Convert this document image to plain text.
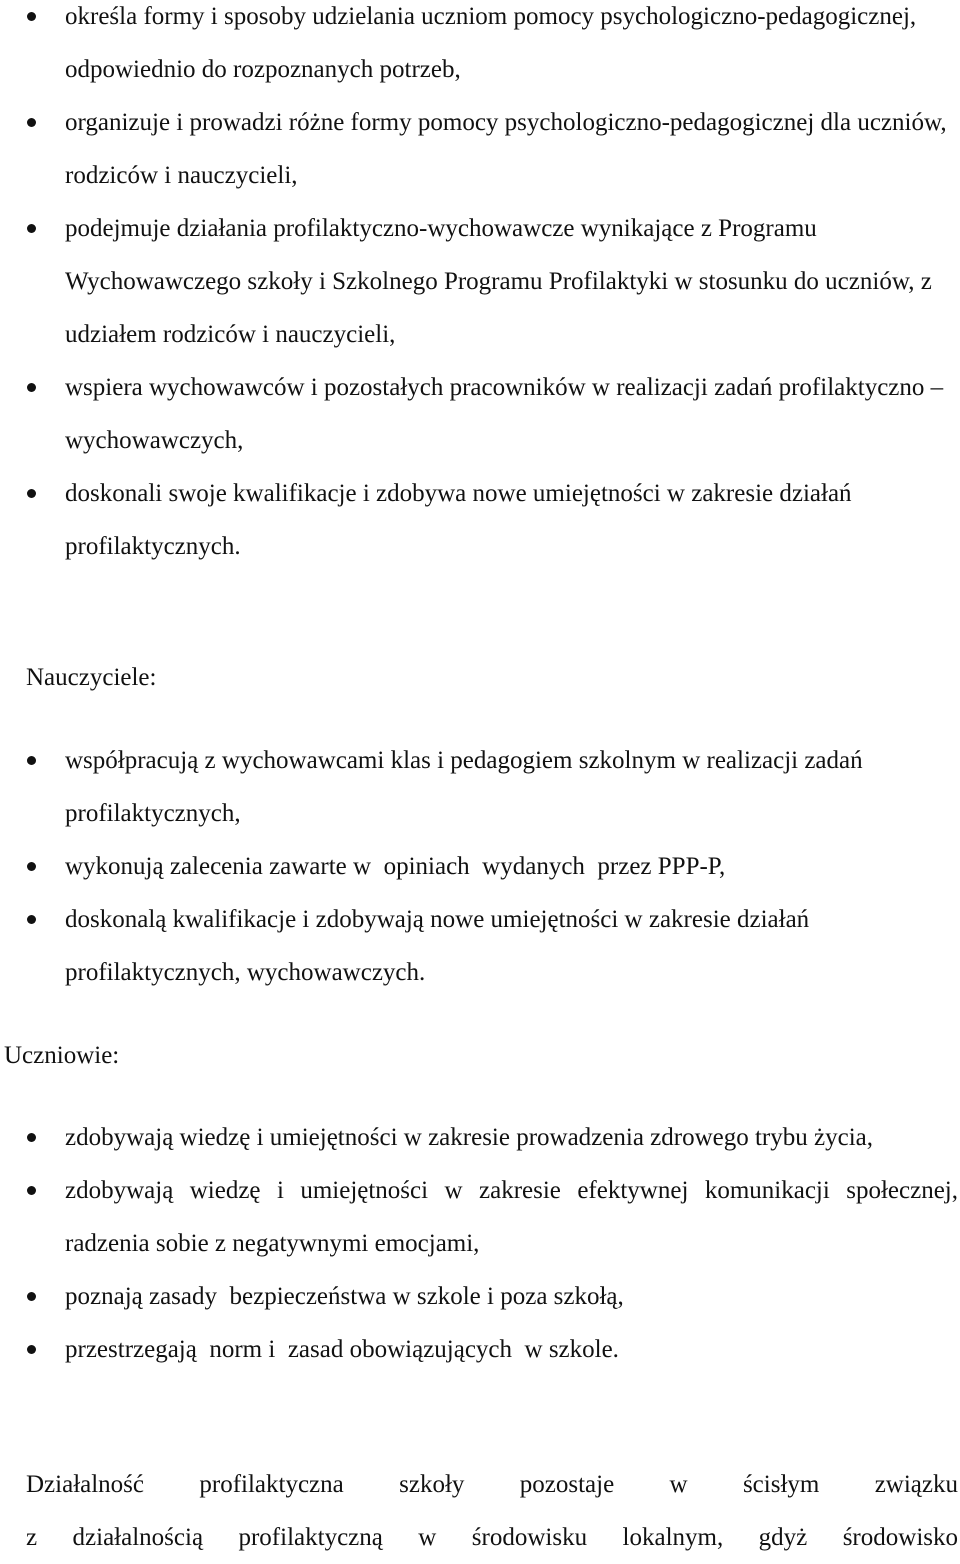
określa formy i sposoby udzielania uczniom pomocy psychologiczno-pedagogicznej, odpowiednio do rozpoznanych potrzeb,
organizuje i prowadzi różne formy pomocy psychologiczno-pedagogicznej dla uczniów, rodziców i nauczycieli,
podejmuje działania profilaktyczno-wychowawcze wynikające z Programu Wychowawczego szkoły i Szkolnego Programu Profilaktyki w stosunku do uczniów, z udziałem rodziców i nauczycieli,
wspiera wychowawców i pozostałych pracowników w realizacji zadań profilaktyczno – wychowawczych,
doskonali swoje kwalifikacje i zdobywa nowe umiejętności w zakresie działań profilaktycznych.
Nauczyciele:
współpracują z wychowawcami klas i pedagogiem szkolnym w realizacji zadań profilaktycznych,
wykonują zalecenia zawarte w  opiniach  wydanych  przez PPP-P,
doskonalą kwalifikacje i zdobywają nowe umiejętności w zakresie działań profilaktycznych, wychowawczych.
Uczniowie:
zdobywają wiedzę i umiejętności w zakresie prowadzenia zdrowego trybu życia,
zdobywają wiedzę i umiejętności w zakresie efektywnej komunikacji społecznej, radzenia sobie z negatywnymi emocjami,
poznają zasady  bezpieczeństwa w szkole i poza szkołą,
przestrzegają  norm i  zasad obowiązujących  w szkole.

Działalność profilaktyczna szkoły pozostaje w ścisłym związku
z działalnością profilaktyczną w środowisku lokalnym, gdyż środowisko
